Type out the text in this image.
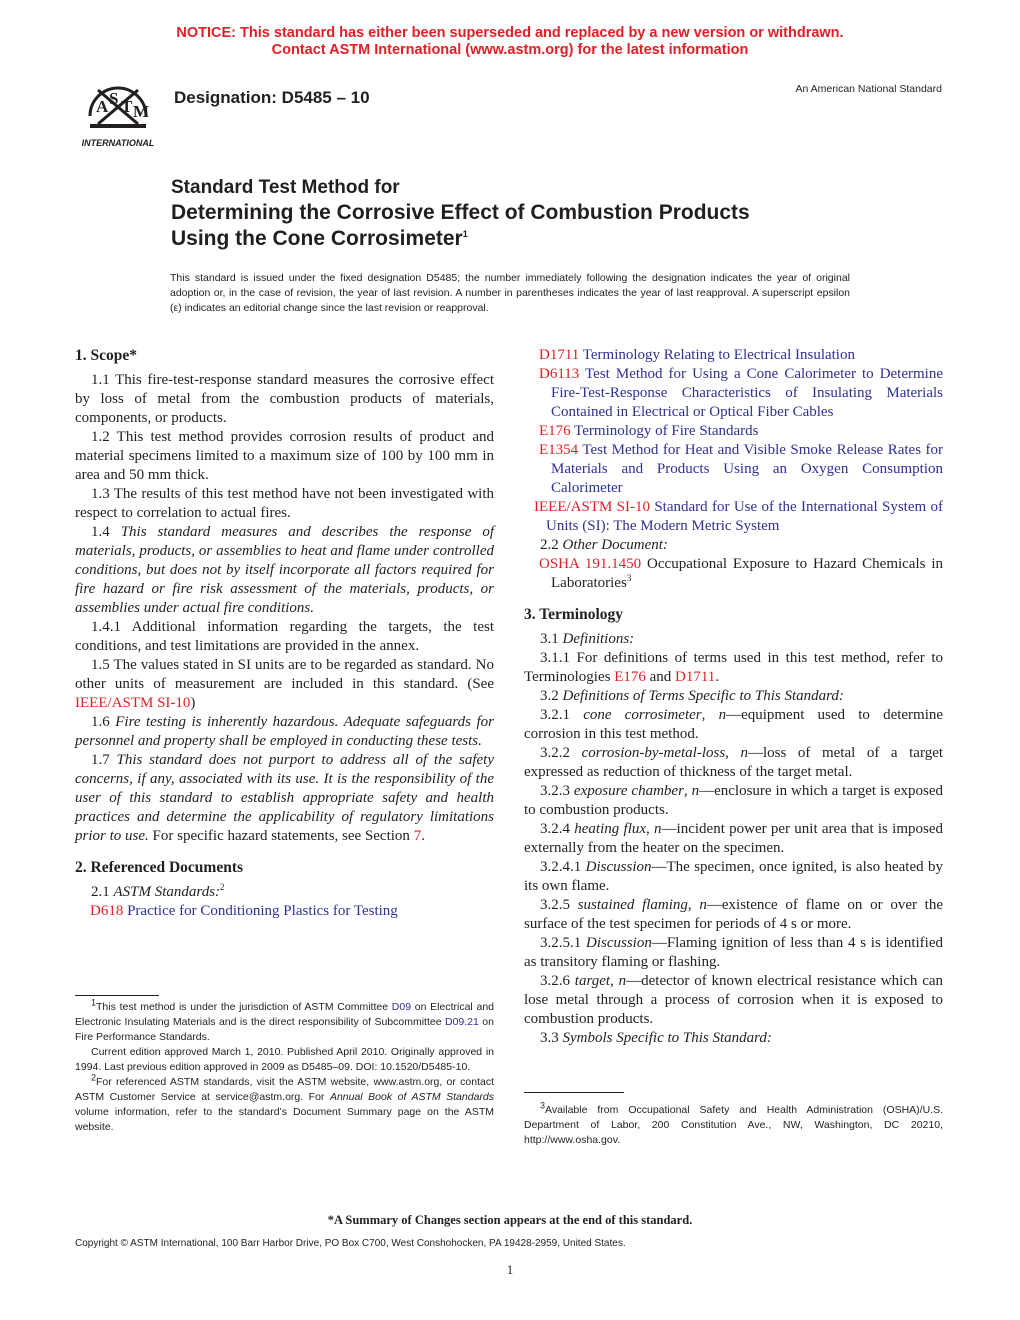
NOTICE: This standard has either been superseded and replaced by a new version or withdrawn.
Contact ASTM International (www.astm.org) for the latest information
A S T M
INTERNATIONAL
Designation: D5485 – 10	An American National Standard
Standard Test Method for
Determining the Corrosive Effect of Combustion Products
Using the Cone Corrosimeter$^1$
This standard is issued under the fixed designation D5485; the number immediately following the designation indicates the year of original adoption or, in the case of revision, the year of last revision. A number in parentheses indicates the year of last reapproval. A superscript epsilon (ε) indicates an editorial change since the last revision or reapproval.
1. Scope*

1.1 This fire-test-response standard measures the corrosive effect by loss of metal from the combustion products of materials, components, or products.

1.2 This test method provides corrosion results of product and material specimens limited to a maximum size of 100 by 100 mm in area and 50 mm thick.

1.3 The results of this test method have not been investigated with respect to correlation to actual fires.

1.4 This standard measures and describes the response of materials, products, or assemblies to heat and flame under controlled conditions, but does not by itself incorporate all factors required for fire hazard or fire risk assessment of the materials, products, or assemblies under actual fire conditions.

1.4.1 Additional information regarding the targets, the test conditions, and test limitations are provided in the annex.

1.5 The values stated in SI units are to be regarded as standard. No other units of measurement are included in this standard. (See IEEE/ASTM SI-10)

1.6 Fire testing is inherently hazardous. Adequate safeguards for personnel and property shall be employed in conducting these tests.

1.7 This standard does not purport to address all of the safety concerns, if any, associated with its use. It is the responsibility of the user of this standard to establish appropriate safety and health practices and determine the applicability of regulatory limitations prior to use. For specific hazard statements, see Section 7.

2. Referenced Documents

2.1 ASTM Standards:$^2$

D618 Practice for Conditioning Plastics for Testing

$^1$This test method is under the jurisdiction of ASTM Committee D09 on Electrical and Electronic Insulating Materials and is the direct responsibility of Subcommittee D09.21 on Fire Performance Standards.

Current edition approved March 1, 2010. Published April 2010. Originally approved in 1994. Last previous edition approved in 2009 as D5485–09. DOI: 10.1520/D5485-10.

$^2$For referenced ASTM standards, visit the ASTM website, www.astm.org, or contact ASTM Customer Service at service@astm.org. For Annual Book of ASTM Standards volume information, refer to the standard’s Document Summary page on the ASTM website.

D1711 Terminology Relating to Electrical Insulation
D6113 Test Method for Using a Cone Calorimeter to Determine Fire-Test-Response Characteristics of Insulating Materials Contained in Electrical or Optical Fiber Cables
E176 Terminology of Fire Standards
E1354 Test Method for Heat and Visible Smoke Release Rates for Materials and Products Using an Oxygen Consumption Calorimeter
IEEE/ASTM SI-10 Standard for Use of the International System of Units (SI): The Modern Metric System

2.2 Other Document:

OSHA 191.1450 Occupational Exposure to Hazard Chemicals in Laboratories$^3$
3. Terminology

3.1 Definitions:

3.1.1 For definitions of terms used in this test method, refer to Terminologies E176 and D1711.

3.2 Definitions of Terms Specific to This Standard:

3.2.1 cone corrosimeter, n—equipment used to determine corrosion in this test method.

3.2.2 corrosion-by-metal-loss, n—loss of metal of a target expressed as reduction of thickness of the target metal.

3.2.3 exposure chamber, n—enclosure in which a target is exposed to combustion products.

3.2.4 heating flux, n—incident power per unit area that is imposed externally from the heater on the specimen.

3.2.4.1 Discussion—The specimen, once ignited, is also heated by its own flame.

3.2.5 sustained flaming, n—existence of flame on or over the surface of the test specimen for periods of 4 s or more.

3.2.5.1 Discussion—Flaming ignition of less than 4 s is identified as transitory flaming or flashing.

3.2.6 target, n—detector of known electrical resistance which can lose metal through a process of corrosion when it is exposed to combustion products.

3.3 Symbols Specific to This Standard:

$^3$Available from Occupational Safety and Health Administration (OSHA)/U.S. Department of Labor, 200 Constitution Ave., NW, Washington, DC 20210, http://www.osha.gov.

*A Summary of Changes section appears at the end of this standard.
Copyright © ASTM International, 100 Barr Harbor Drive, PO Box C700, West Conshohocken, PA 19428-2959, United States.
1
